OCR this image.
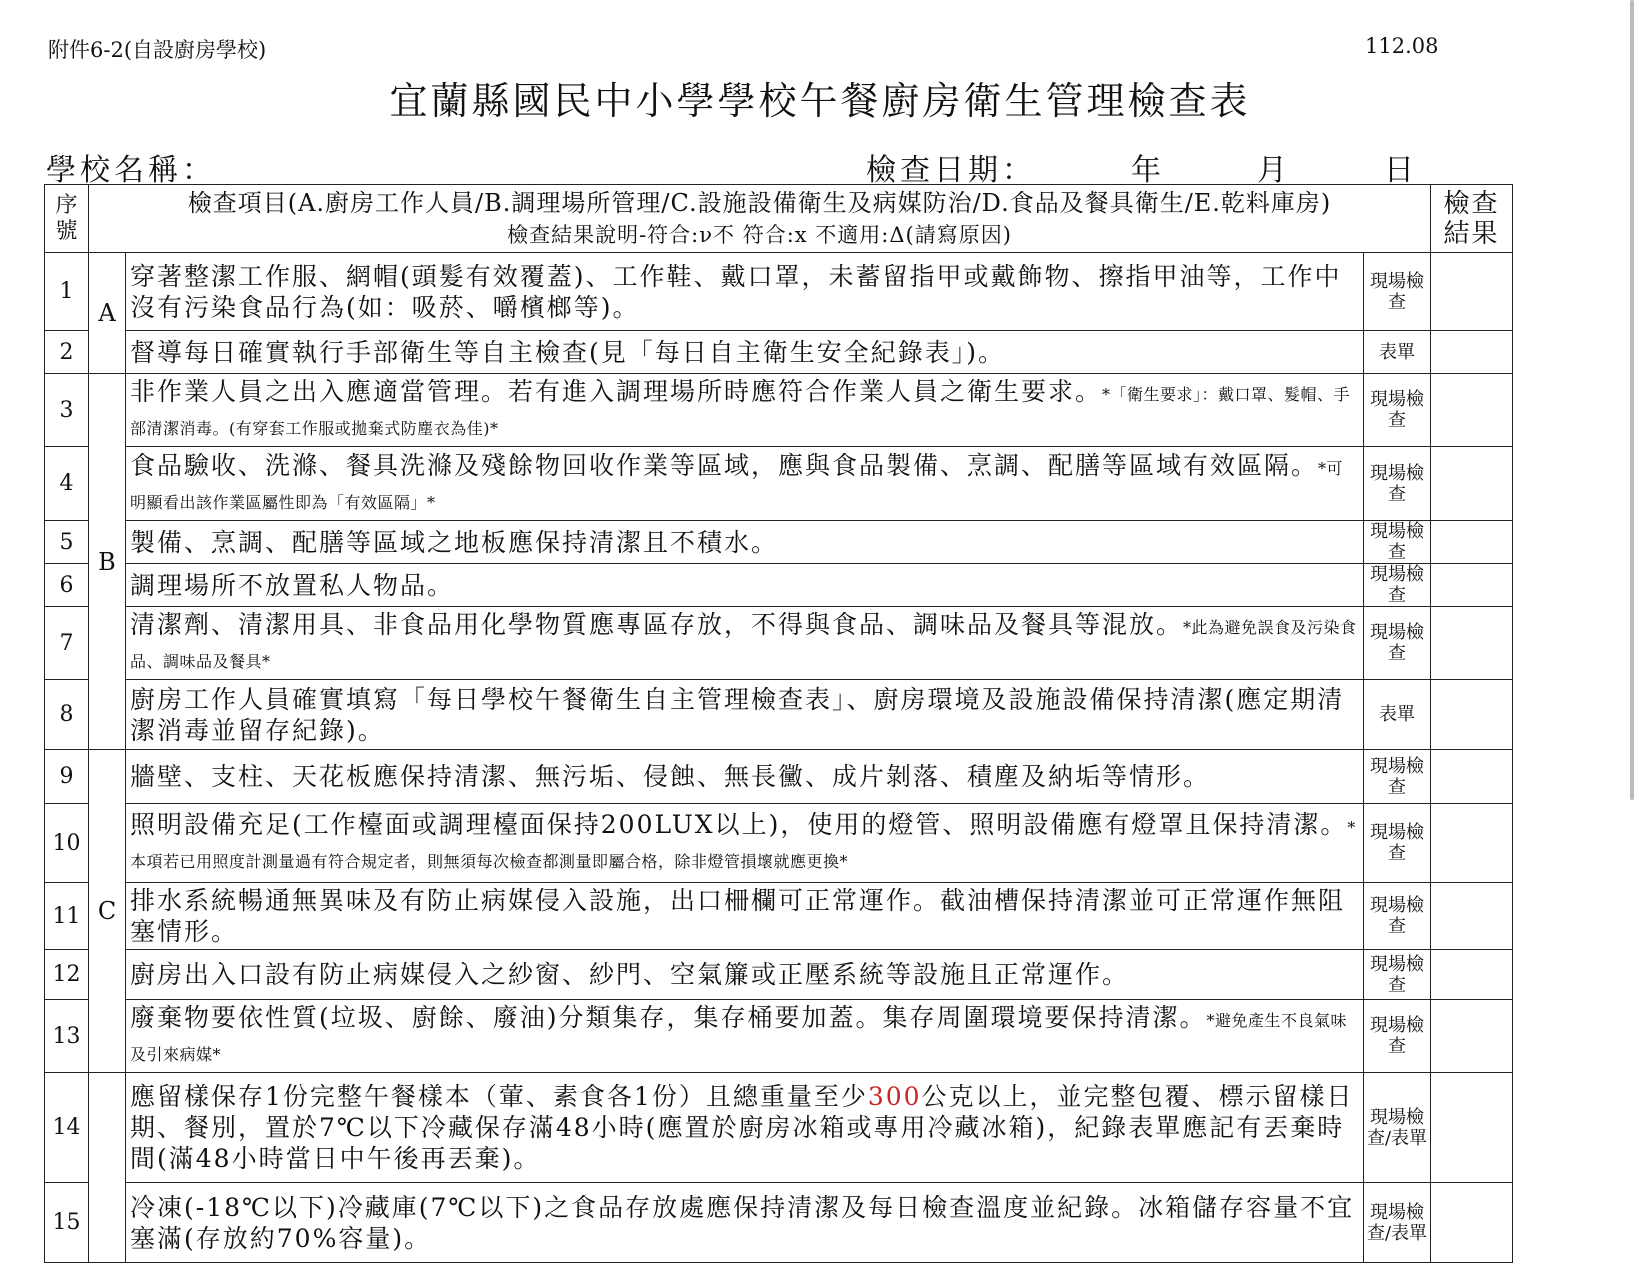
附件6-2(自設廚房學校)	112.08
宜蘭縣國民中小學學校午餐廚房衛生管理檢查表
學校名稱：	檢查日期：	年	月	日
序號	檢查項目(A.廚房工作人員/B.調理場所管理/C.設施設備衛生及病媒防治/D.食品及餐具衛生/E.乾料庫房)
檢查結果說明-符合:ν不 符合:x 不適用:Δ(請寫原因)			檢查結果
1	A	穿著整潔工作服、網帽(頭髮有效覆蓋)、工作鞋、戴口罩，未蓄留指甲或戴飾物、擦指甲油等，工作中沒有污染食品行為(如：吸菸、嚼檳榔等)。	現場檢查	
2		督導每日確實執行手部衛生等自主檢查(見「每日自主衛生安全紀錄表」)。	表單	
3	B	非作業人員之出入應適當管理。若有進入調理場所時應符合作業人員之衛生要求。*「衛生要求」：戴口罩、髮帽、手部清潔消毒。(有穿套工作服或拋棄式防塵衣為佳)*	現場檢查	
4		食品驗收、洗滌、餐具洗滌及殘餘物回收作業等區域，應與食品製備、烹調、配膳等區域有效區隔。*可明顯看出該作業區屬性即為「有效區隔」*	現場檢查	
5		製備、烹調、配膳等區域之地板應保持清潔且不積水。	現場檢查	
6		調理場所不放置私人物品。	現場檢查	
7		清潔劑、清潔用具、非食品用化學物質應專區存放，不得與食品、調味品及餐具等混放。*此為避免誤食及污染食品、調味品及餐具*	現場檢查	
8		廚房工作人員確實填寫「每日學校午餐衛生自主管理檢查表」、廚房環境及設施設備保持清潔(應定期清潔消毒並留存紀錄)。	表單	
9	C	牆壁、支柱、天花板應保持清潔、無污垢、侵蝕、無長黴、成片剝落、積塵及納垢等情形。	現場檢查	
10		照明設備充足(工作檯面或調理檯面保持200LUX以上)，使用的燈管、照明設備應有燈罩且保持清潔。*本項若已用照度計測量過有符合規定者，則無須每次檢查都測量即屬合格，除非燈管損壞就應更換*	現場檢查	
11		排水系統暢通無異味及有防止病媒侵入設施，出口柵欄可正常運作。截油槽保持清潔並可正常運作無阻塞情形。	現場檢查	
12		廚房出入口設有防止病媒侵入之紗窗、紗門、空氣簾或正壓系統等設施且正常運作。	現場檢查	
13		廢棄物要依性質(垃圾、廚餘、廢油)分類集存，集存桶要加蓋。集存周圍環境要保持清潔。*避免產生不良氣味及引來病媒*	現場檢查	
14		應留樣保存1份完整午餐樣本（葷、素食各1份）且總重量至少300公克以上，並完整包覆、標示留樣日期、餐別，置於7℃以下冷藏保存滿48小時(應置於廚房冰箱或專用冷藏冰箱)，紀錄表單應記有丟棄時間(滿48小時當日中午後再丟棄)。	現場檢查/表單	
15		冷凍(-18℃以下)冷藏庫(7℃以下)之食品存放處應保持清潔及每日檢查溫度並紀錄。冰箱儲存容量不宜塞滿(存放約70%容量)。	現場檢查/表單	
